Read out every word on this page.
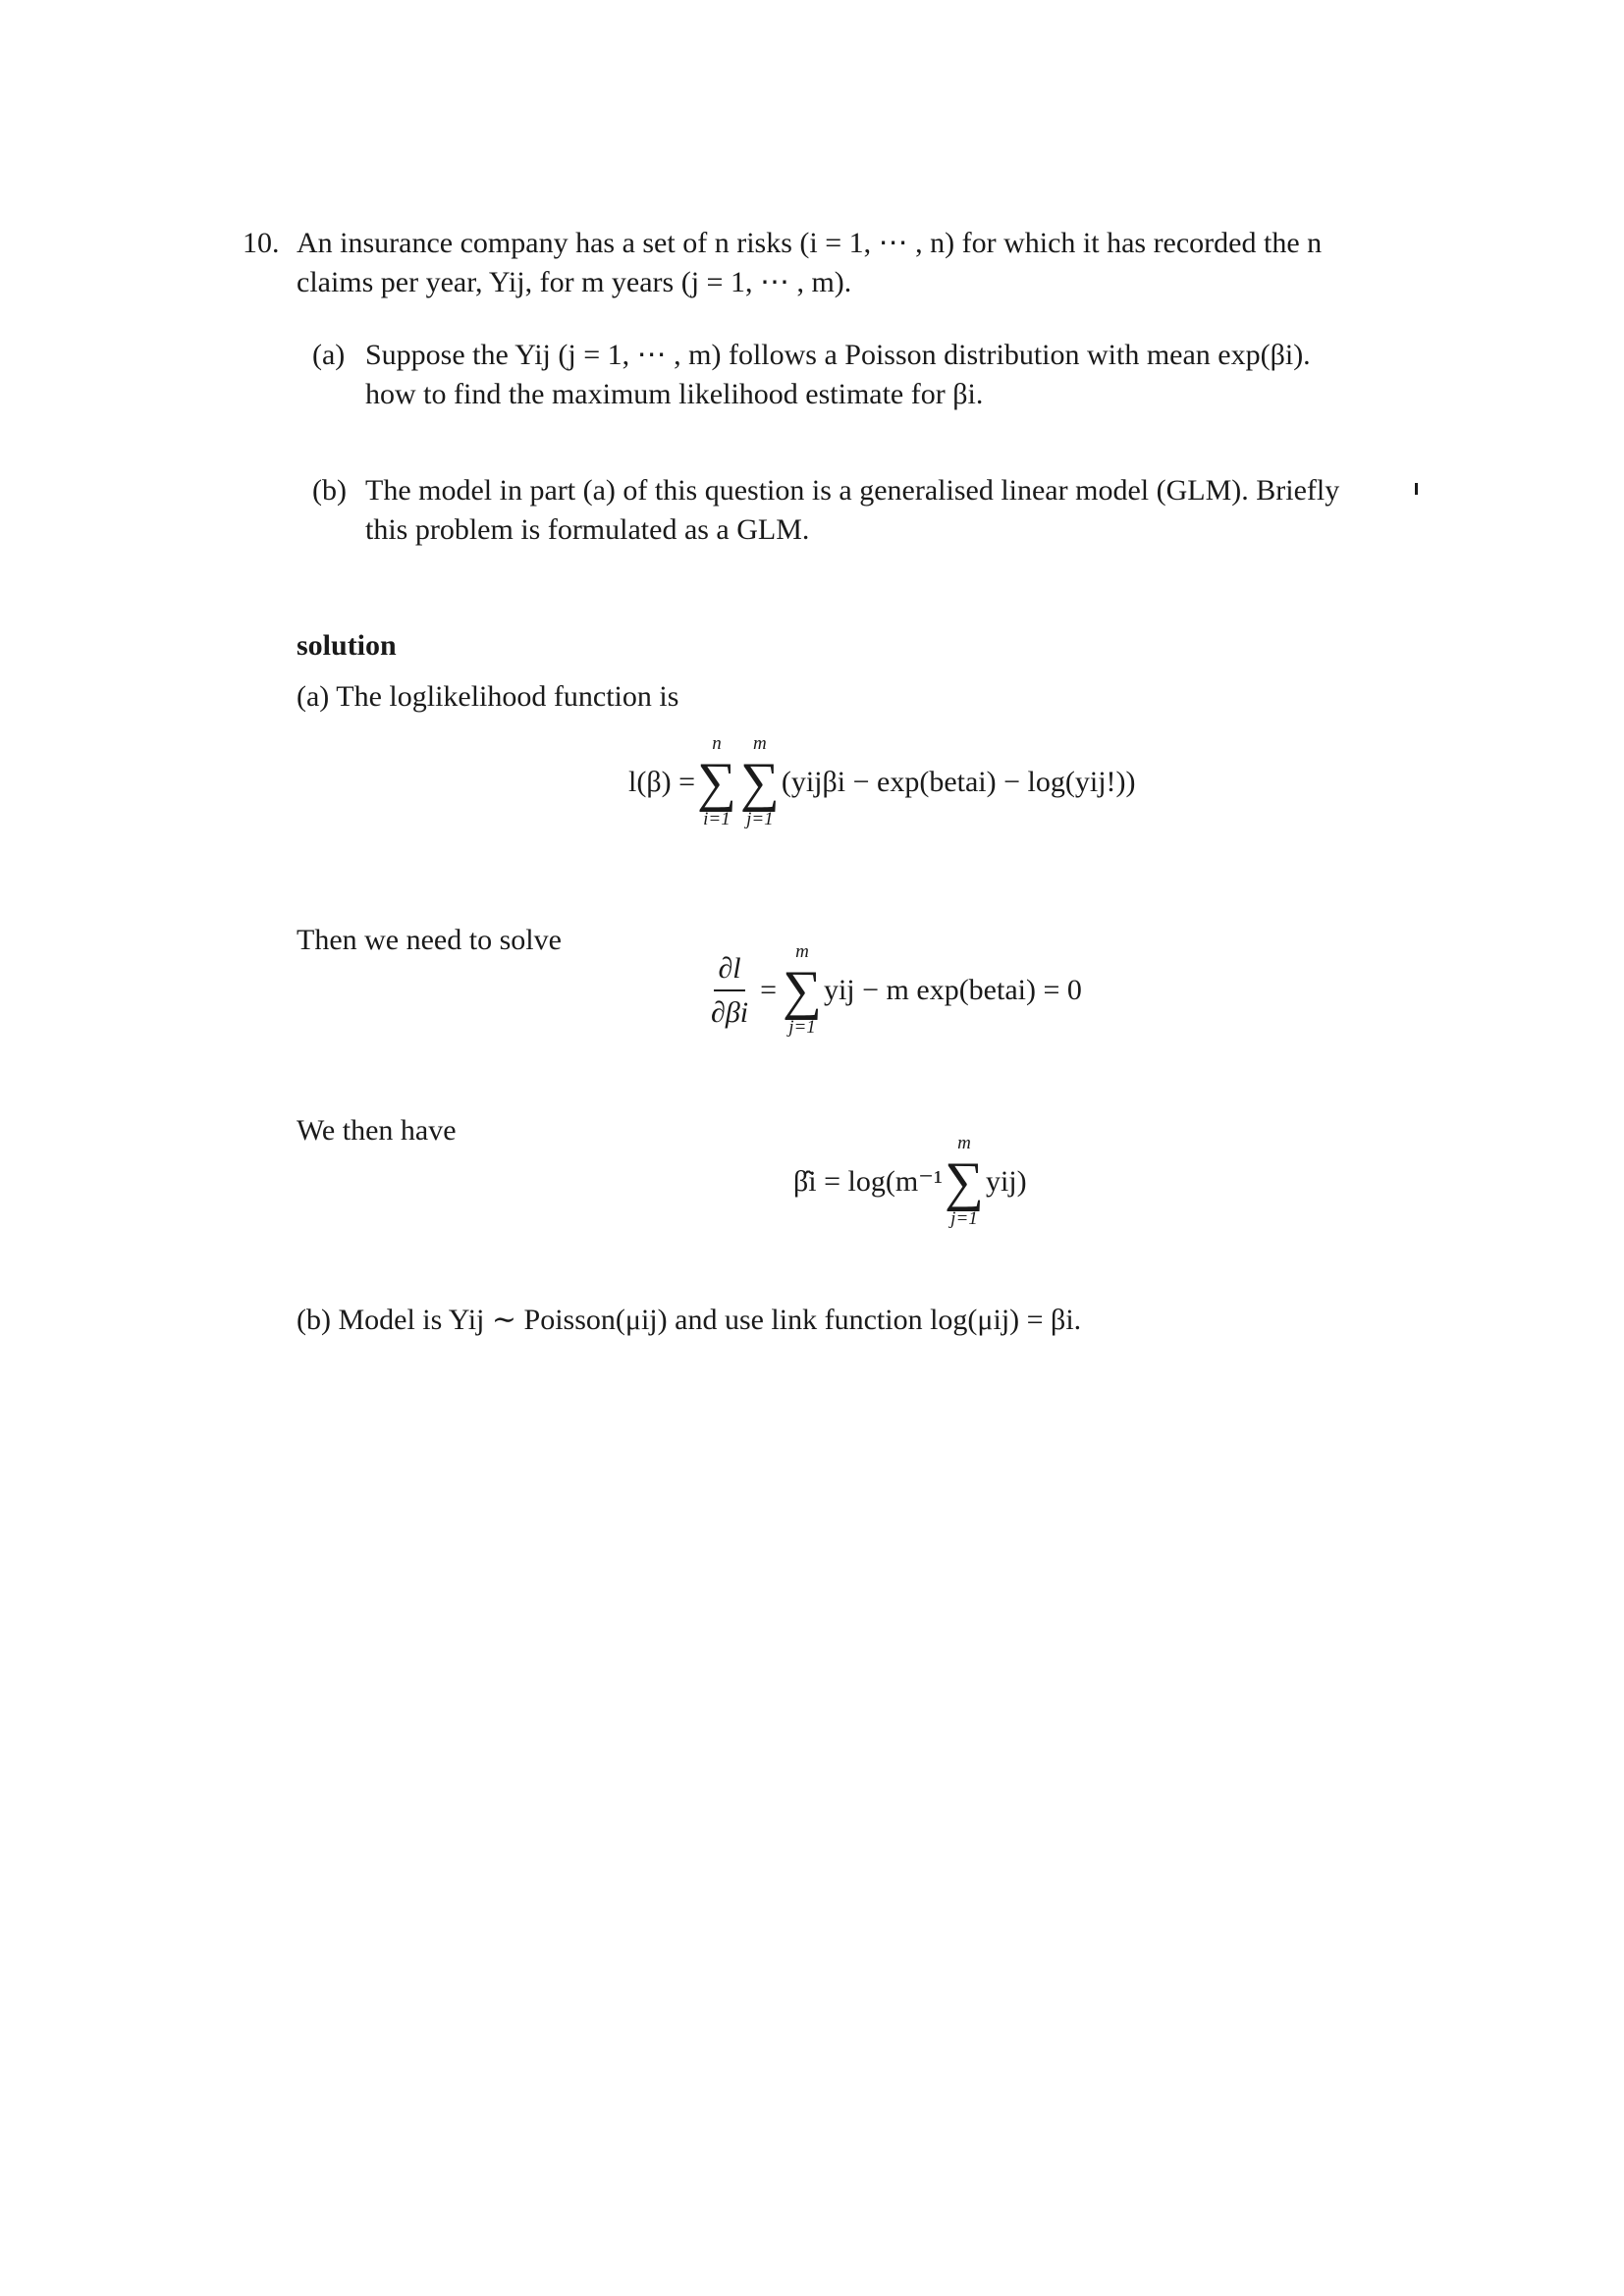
10. An insurance company has a set of n risks (i = 1, ⋯ , n) for which it has recorded the n
claims per year, Yij, for m years (j = 1, ⋯ , m).
(a) Suppose the Yij (j = 1, ⋯ , m) follows a Poisson distribution with mean exp(βi).
how to find the maximum likelihood estimate for βi.
(b) The model in part (a) of this question is a generalised linear model (GLM). Briefly
this problem is formulated as a GLM.
solution
(a) The loglikelihood function is
l(β) =
n
∑
i=1
m
∑
j=1
(yijβi − exp(betai) − log(yij!))
Then we need to solve
$\frac{\partial l}{\partial\beta i}$ =
m
∑
j=1
yij − m exp(betai) = 0
We then have
β̂i = log(m⁻¹
m
∑
j=1
yij)
(b) Model is Yij ∼ Poisson(μij) and use link function log(μij) = βi.
